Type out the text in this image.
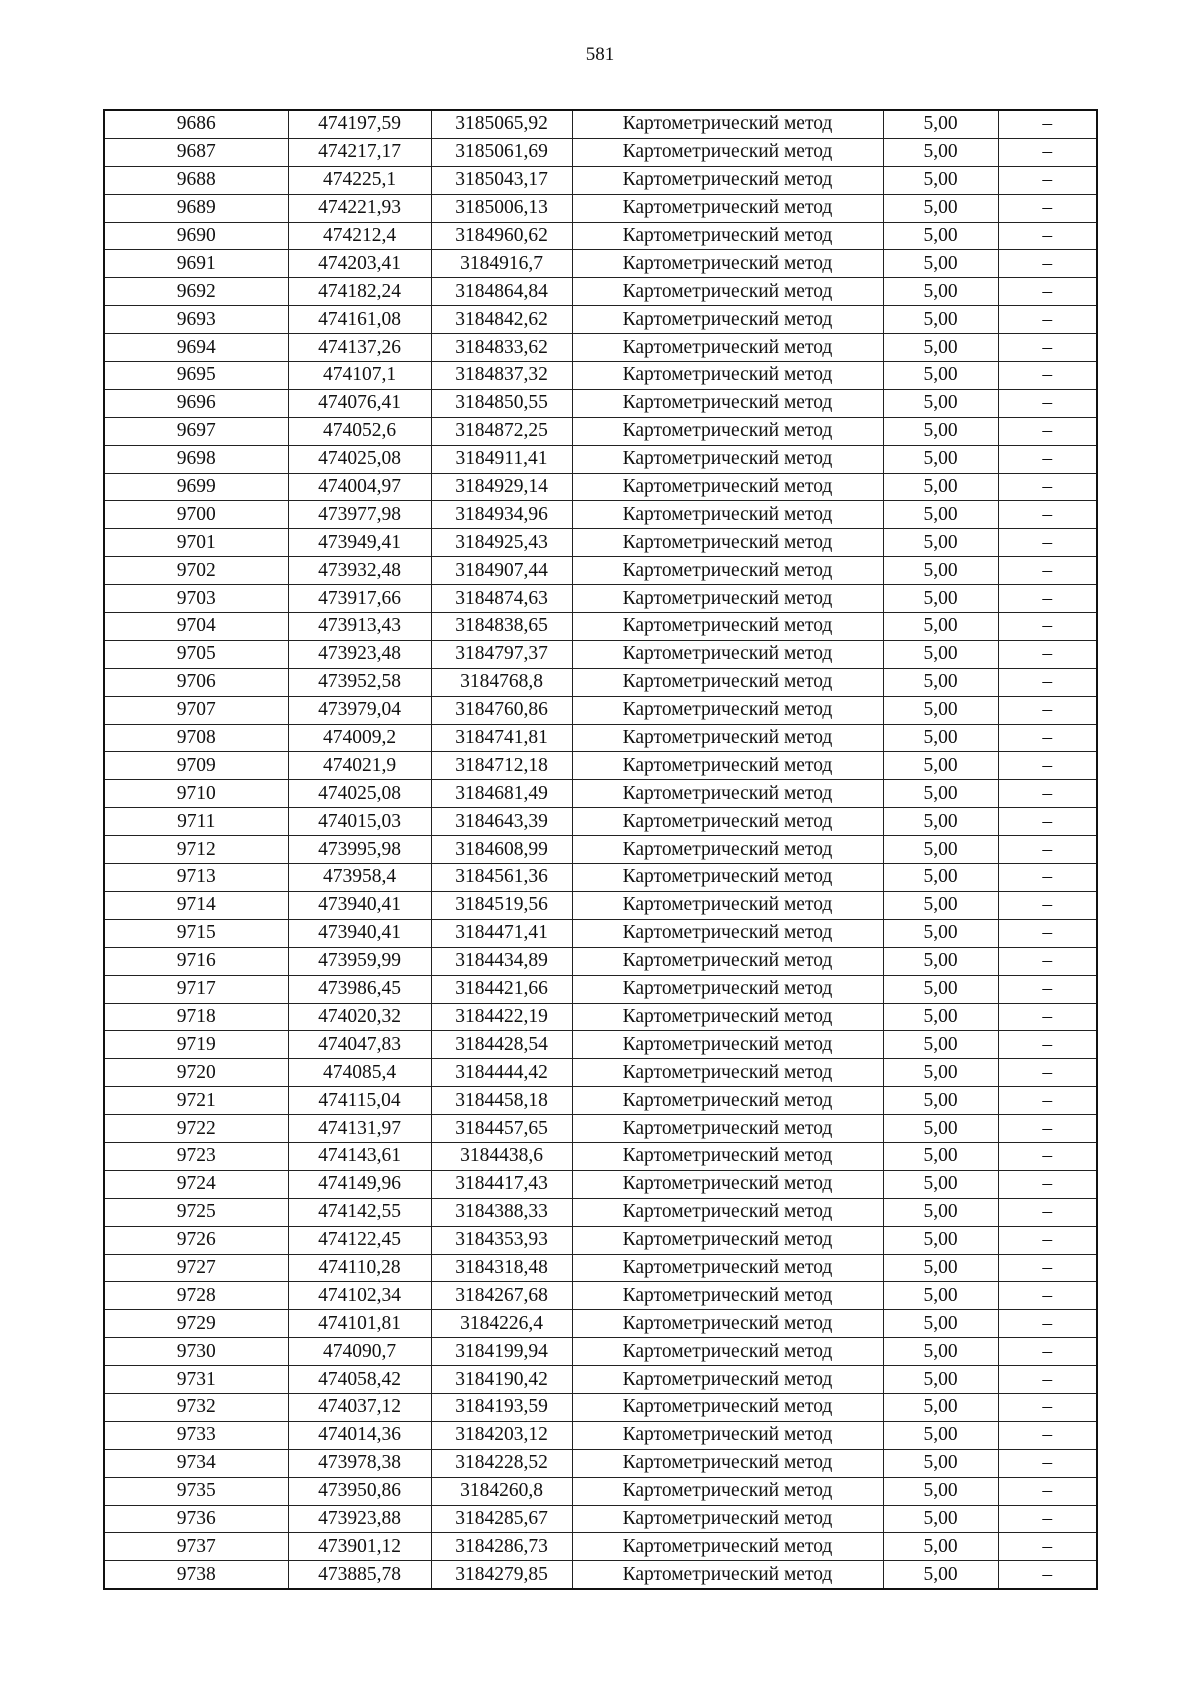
581
9686	474197,59	3185065,92	Картометрический метод	5,00	–
9687	474217,17	3185061,69	Картометрический метод	5,00	–
9688	474225,1	3185043,17	Картометрический метод	5,00	–
9689	474221,93	3185006,13	Картометрический метод	5,00	–
9690	474212,4	3184960,62	Картометрический метод	5,00	–
9691	474203,41	3184916,7	Картометрический метод	5,00	–
9692	474182,24	3184864,84	Картометрический метод	5,00	–
9693	474161,08	3184842,62	Картометрический метод	5,00	–
9694	474137,26	3184833,62	Картометрический метод	5,00	–
9695	474107,1	3184837,32	Картометрический метод	5,00	–
9696	474076,41	3184850,55	Картометрический метод	5,00	–
9697	474052,6	3184872,25	Картометрический метод	5,00	–
9698	474025,08	3184911,41	Картометрический метод	5,00	–
9699	474004,97	3184929,14	Картометрический метод	5,00	–
9700	473977,98	3184934,96	Картометрический метод	5,00	–
9701	473949,41	3184925,43	Картометрический метод	5,00	–
9702	473932,48	3184907,44	Картометрический метод	5,00	–
9703	473917,66	3184874,63	Картометрический метод	5,00	–
9704	473913,43	3184838,65	Картометрический метод	5,00	–
9705	473923,48	3184797,37	Картометрический метод	5,00	–
9706	473952,58	3184768,8	Картометрический метод	5,00	–
9707	473979,04	3184760,86	Картометрический метод	5,00	–
9708	474009,2	3184741,81	Картометрический метод	5,00	–
9709	474021,9	3184712,18	Картометрический метод	5,00	–
9710	474025,08	3184681,49	Картометрический метод	5,00	–
9711	474015,03	3184643,39	Картометрический метод	5,00	–
9712	473995,98	3184608,99	Картометрический метод	5,00	–
9713	473958,4	3184561,36	Картометрический метод	5,00	–
9714	473940,41	3184519,56	Картометрический метод	5,00	–
9715	473940,41	3184471,41	Картометрический метод	5,00	–
9716	473959,99	3184434,89	Картометрический метод	5,00	–
9717	473986,45	3184421,66	Картометрический метод	5,00	–
9718	474020,32	3184422,19	Картометрический метод	5,00	–
9719	474047,83	3184428,54	Картометрический метод	5,00	–
9720	474085,4	3184444,42	Картометрический метод	5,00	–
9721	474115,04	3184458,18	Картометрический метод	5,00	–
9722	474131,97	3184457,65	Картометрический метод	5,00	–
9723	474143,61	3184438,6	Картометрический метод	5,00	–
9724	474149,96	3184417,43	Картометрический метод	5,00	–
9725	474142,55	3184388,33	Картометрический метод	5,00	–
9726	474122,45	3184353,93	Картометрический метод	5,00	–
9727	474110,28	3184318,48	Картометрический метод	5,00	–
9728	474102,34	3184267,68	Картометрический метод	5,00	–
9729	474101,81	3184226,4	Картометрический метод	5,00	–
9730	474090,7	3184199,94	Картометрический метод	5,00	–
9731	474058,42	3184190,42	Картометрический метод	5,00	–
9732	474037,12	3184193,59	Картометрический метод	5,00	–
9733	474014,36	3184203,12	Картометрический метод	5,00	–
9734	473978,38	3184228,52	Картометрический метод	5,00	–
9735	473950,86	3184260,8	Картометрический метод	5,00	–
9736	473923,88	3184285,67	Картометрический метод	5,00	–
9737	473901,12	3184286,73	Картометрический метод	5,00	–
9738	473885,78	3184279,85	Картометрический метод	5,00	–
